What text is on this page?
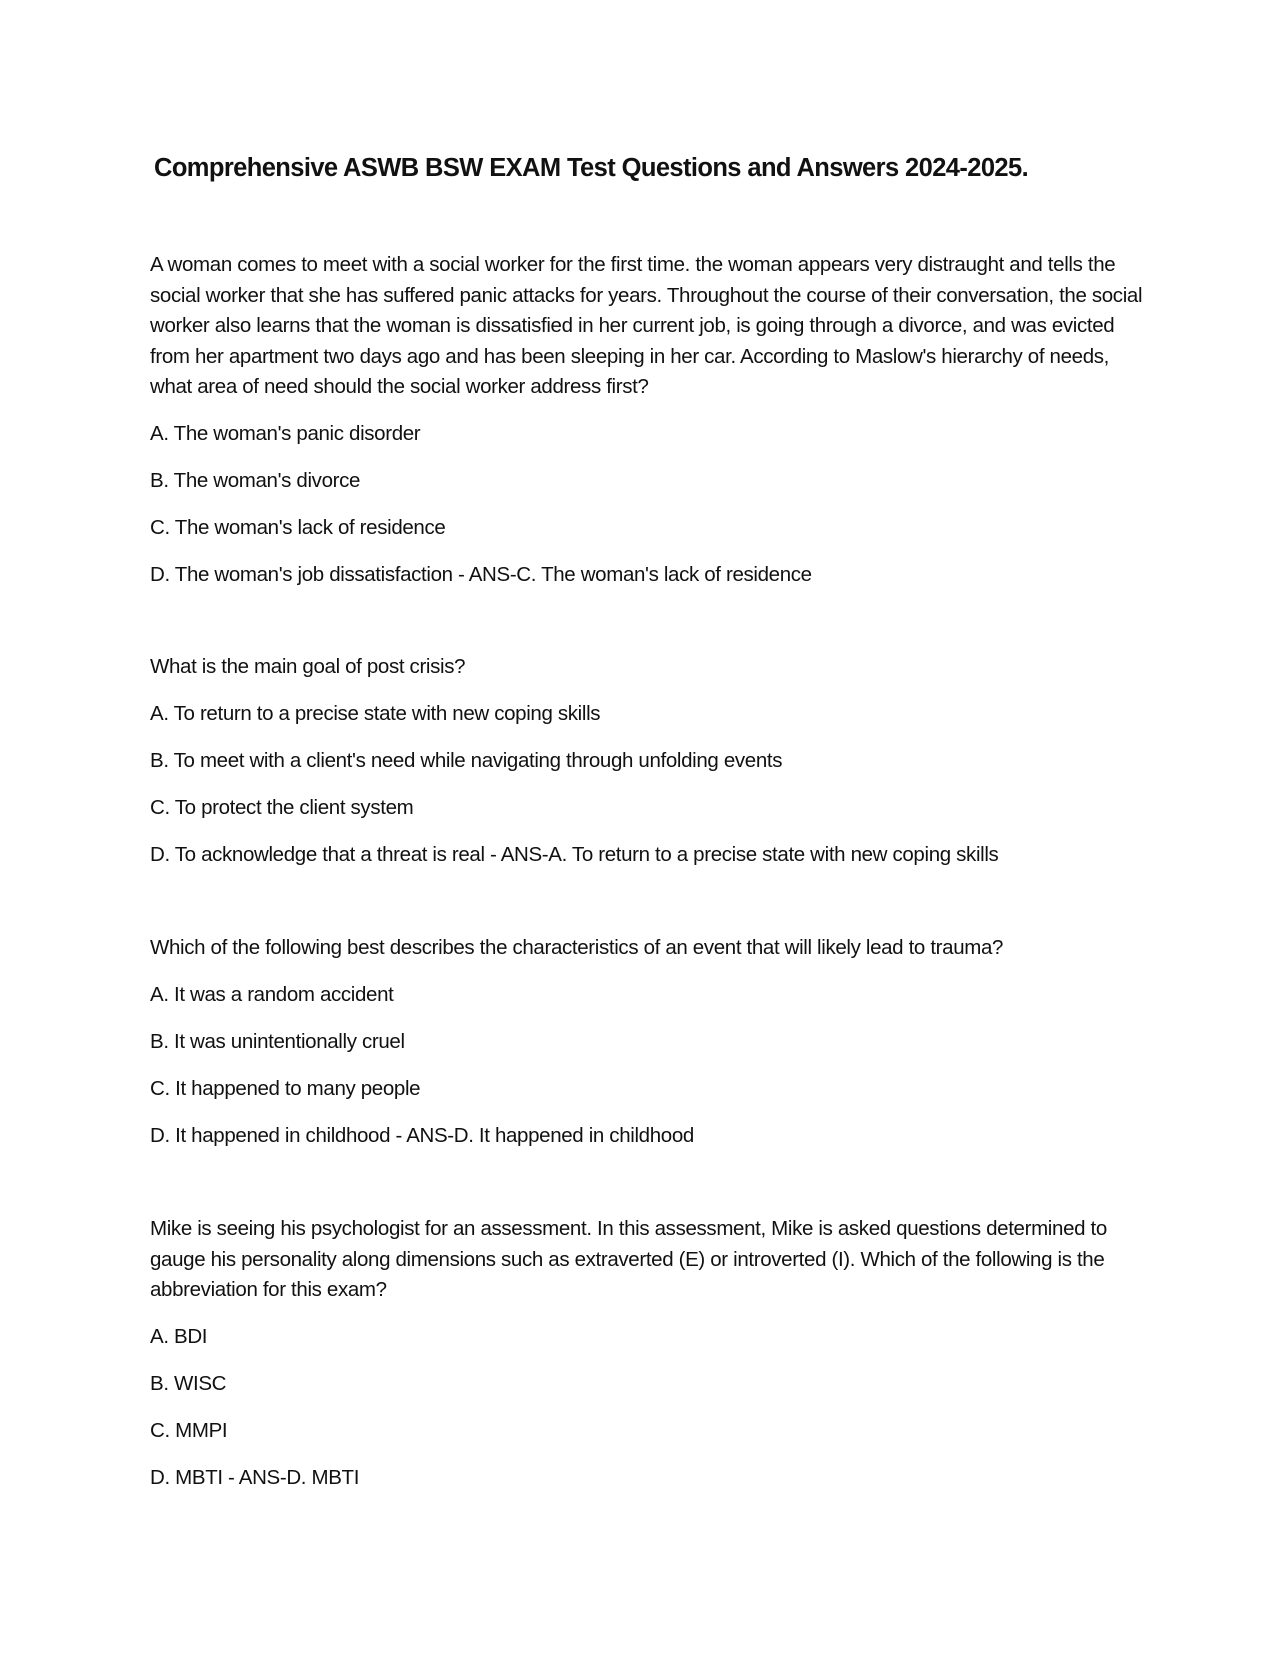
Comprehensive ASWB BSW EXAM Test Questions and Answers 2024-2025.

A woman comes to meet with a social worker for the first time. the woman appears very distraught and tells the social worker that she has suffered panic attacks for years. Throughout the course of their conversation, the social worker also learns that the woman is dissatisfied in her current job, is going through a divorce, and was evicted from her apartment two days ago and has been sleeping in her car. According to Maslow's hierarchy of needs, what area of need should the social worker address first?

A. The woman's panic disorder

B. The woman's divorce

C. The woman's lack of residence

D. The woman's job dissatisfaction - ANS-C. The woman's lack of residence

What is the main goal of post crisis?

A. To return to a precise state with new coping skills

B. To meet with a client's need while navigating through unfolding events

C. To protect the client system

D. To acknowledge that a threat is real - ANS-A. To return to a precise state with new coping skills

Which of the following best describes the characteristics of an event that will likely lead to trauma?

A. It was a random accident

B. It was unintentionally cruel

C. It happened to many people

D. It happened in childhood - ANS-D. It happened in childhood

Mike is seeing his psychologist for an assessment. In this assessment, Mike is asked questions determined to gauge his personality along dimensions such as extraverted (E) or introverted (I). Which of the following is the abbreviation for this exam?

A. BDI

B. WISC

C. MMPI

D. MBTI - ANS-D. MBTI
